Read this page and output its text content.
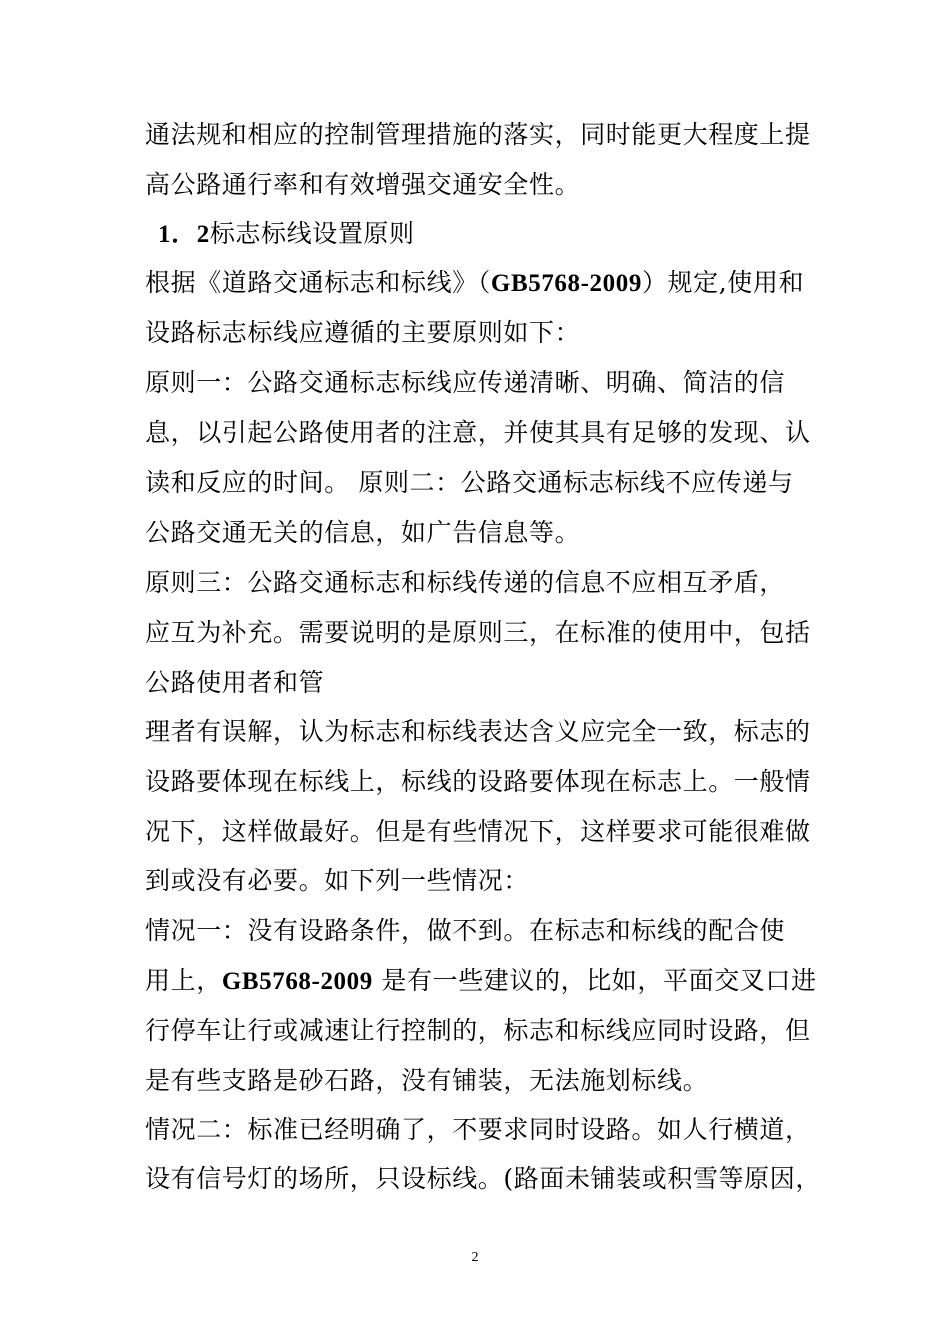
通法规和相应的控制管理措施的落实，同时能更大程度上提
高公路通行率和有效增强交通安全性。
1．2标志标线设置原则
根据《道路交通标志和标线》（GB5768-2009）规定,使用和
设路标志标线应遵循的主要原则如下：
原则一：公路交通标志标线应传递清晰、明确、简洁的信
息，以引起公路使用者的注意，并使其具有足够的发现、认
读和反应的时间。 原则二：公路交通标志标线不应传递与
公路交通无关的信息，如广告信息等。
原则三：公路交通标志和标线传递的信息不应相互矛盾，
应互为补充。需要说明的是原则三，在标准的使用中，包括
公路使用者和管
理者有误解，认为标志和标线表达含义应完全一致，标志的
设路要体现在标线上，标线的设路要体现在标志上。一般情
况下，这样做最好。但是有些情况下，这样要求可能很难做
到或没有必要。如下列一些情况：
情况一：没有设路条件，做不到。在标志和标线的配合使
用上，GB5768-2009 是有一些建议的，比如，平面交叉口进
行停车让行或减速让行控制的，标志和标线应同时设路，但
是有些支路是砂石路，没有铺装，无法施划标线。
情况二：标准已经明确了，不要求同时设路。如人行横道，
设有信号灯的场所，只设标线。(路面未铺装或积雪等原因，
2
